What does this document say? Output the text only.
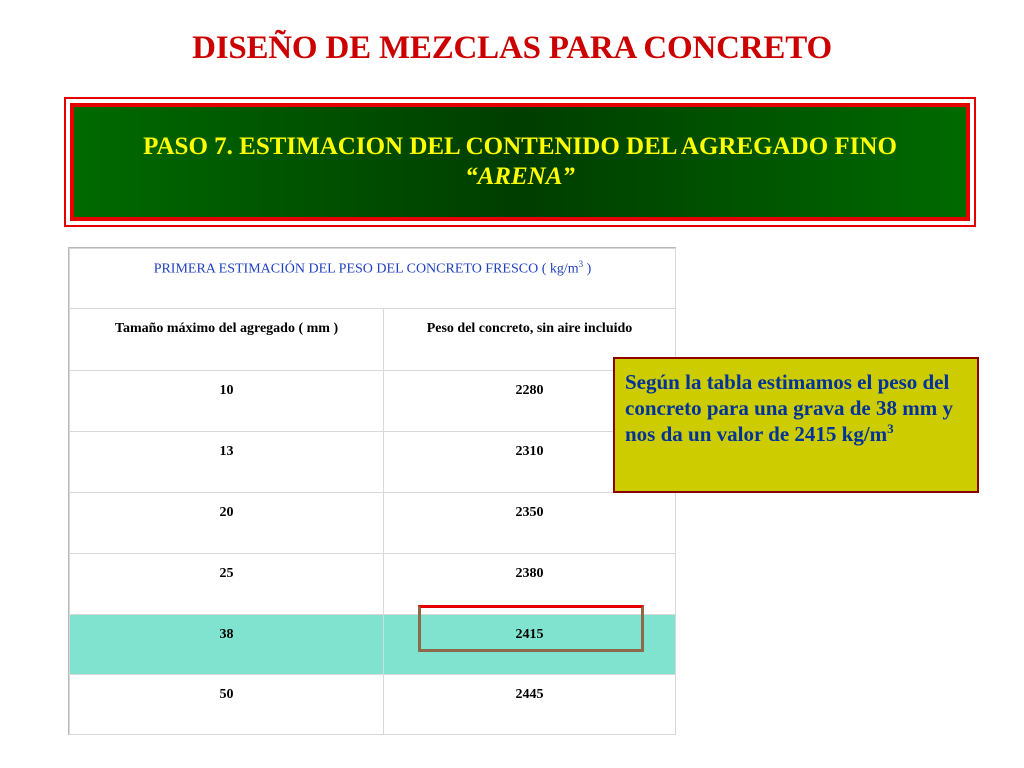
DISEÑO DE MEZCLAS PARA CONCRETO
PASO 7. ESTIMACION DEL CONTENIDO DEL AGREGADO FINO
“ARENA”
PRIMERA ESTIMACIÓN DEL PESO DEL CONCRETO FRESCO ( $kg/m^3$ )	
Tamaño máximo del agregado ( mm )	Peso del concreto, sin aire incluido
10	2280
13	2310
20	2350
25	2380
38	2415
50	2445
Según la tabla estimamos el peso del concreto para una grava de 38 mm y nos da un valor de 2415 $kg/m^3$
